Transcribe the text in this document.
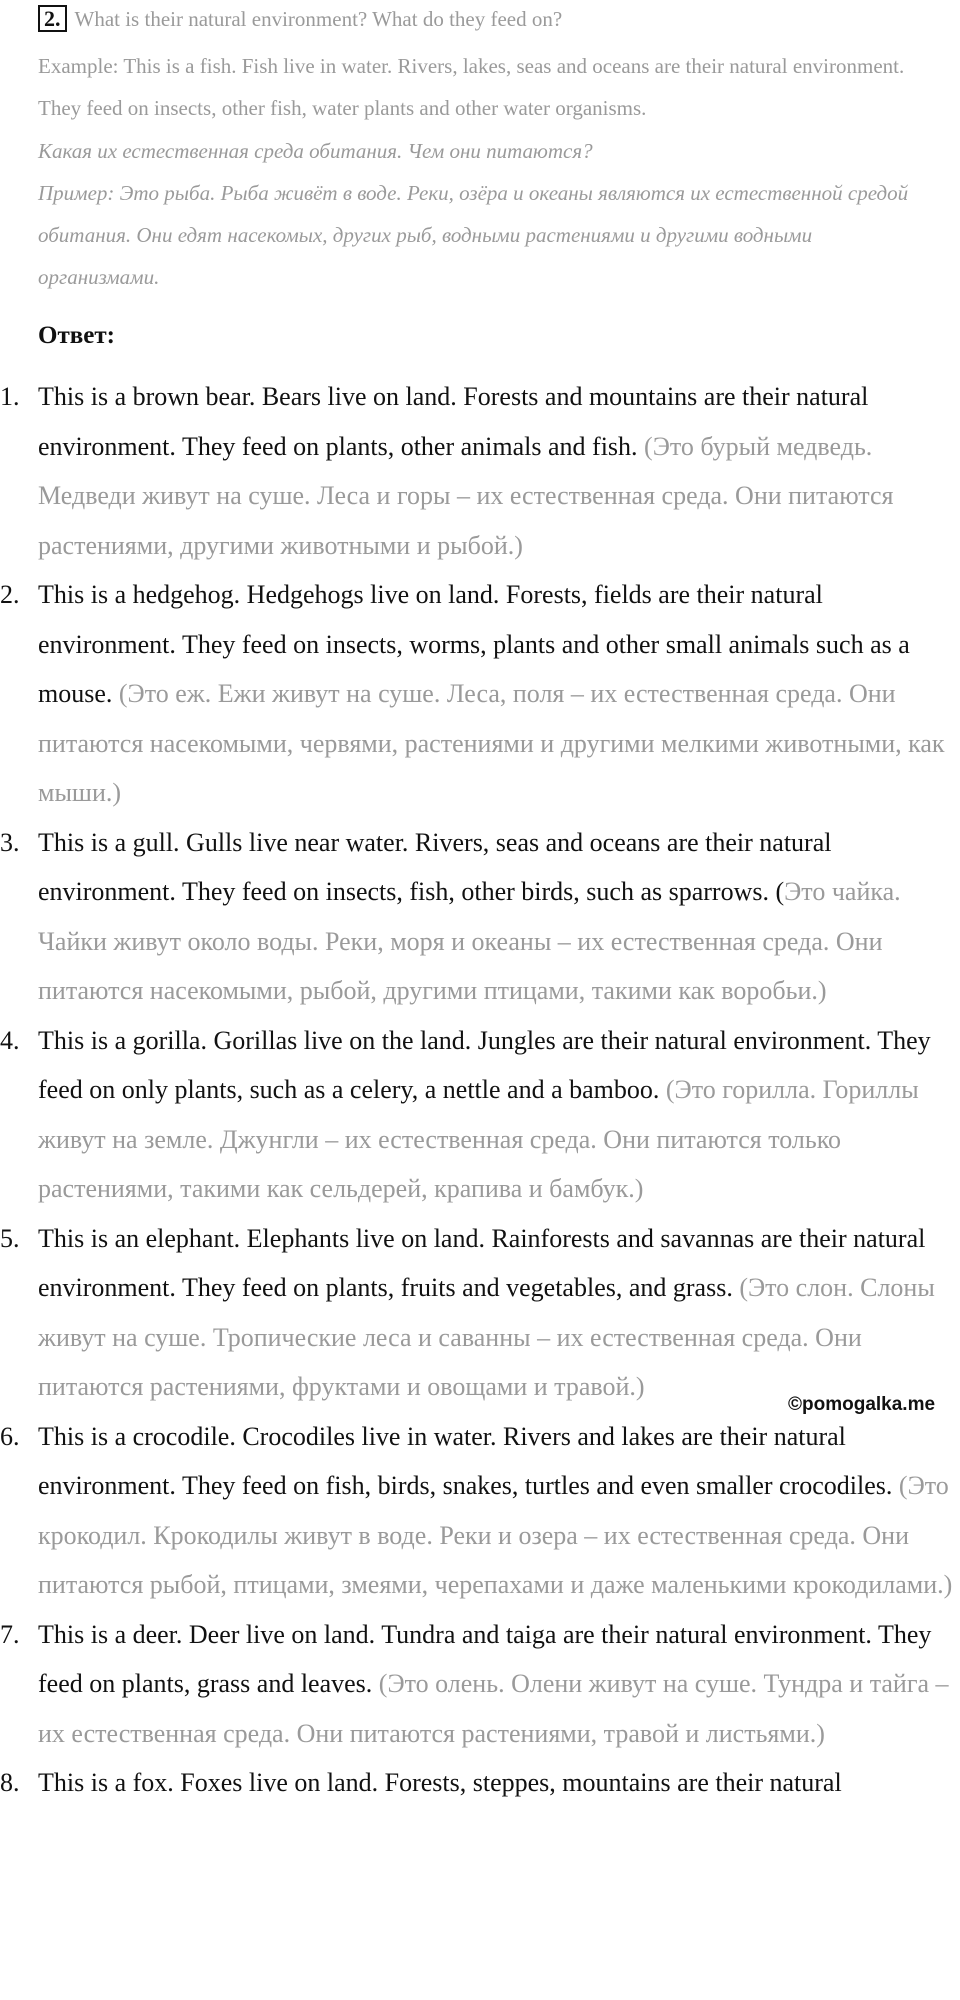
2. What is their natural environment? What do they feed on?
Example: This is a fish. Fish live in water. Rivers, lakes, seas and oceans are their natural environment. They feed on insects, other fish, water plants and other water organisms.
Какая их естественная среда обитания. Чем они питаются?
Пример: Это рыба. Рыба живёт в воде. Реки, озёра и океаны являются их естественной средой обитания. Они едят насекомых, других рыб, водными растениями и другими водными организмами.
Ответ:
1. This is a brown bear. Bears live on land. Forests and mountains are their natural environment. They feed on plants, other animals and fish. (Это бурый медведь. Медведи живут на суше. Леса и горы – их естественная среда. Они питаются растениями, другими животными и рыбой.)
2. This is a hedgehog. Hedgehogs live on land. Forests, fields are their natural environment. They feed on insects, worms, plants and other small animals such as a mouse. (Это еж. Ежи живут на суше. Леса, поля – их естественная среда. Они питаются насекомыми, червями, растениями и другими мелкими животными, как мыши.)
3. This is a gull. Gulls live near water. Rivers, seas and oceans are their natural environment. They feed on insects, fish, other birds, such as sparrows. (Это чайка. Чайки живут около воды. Реки, моря и океаны – их естественная среда. Они питаются насекомыми, рыбой, другими птицами, такими как воробьи.)
4. This is a gorilla. Gorillas live on the land. Jungles are their natural environment. They feed on only plants, such as a celery, a nettle and a bamboo. (Это горилла. Гориллы живут на земле. Джунгли – их естественная среда. Они питаются только растениями, такими как сельдерей, крапива и бамбук.)
5. This is an elephant. Elephants live on land. Rainforests and savannas are their natural environment. They feed on plants, fruits and vegetables, and grass. (Это слон. Слоны живут на суше. Тропические леса и саванны – их естественная среда. Они питаются растениями, фруктами и овощами и травой.)
6. This is a crocodile. Crocodiles live in water. Rivers and lakes are their natural environment. They feed on fish, birds, snakes, turtles and even smaller crocodiles. (Это крокодил. Крокодилы живут в воде. Реки и озера – их естественная среда. Они питаются рыбой, птицами, змеями, черепахами и даже маленькими крокодилами.)
7. This is a deer. Deer live on land. Tundra and taiga are their natural environment. They feed on plants, grass and leaves. (Это олень. Олени живут на суше. Тундра и тайга – их естественная среда. Они питаются растениями, травой и листьями.)
8. This is a fox. Foxes live on land. Forests, steppes, mountains are their natural
©pomogalka.me
